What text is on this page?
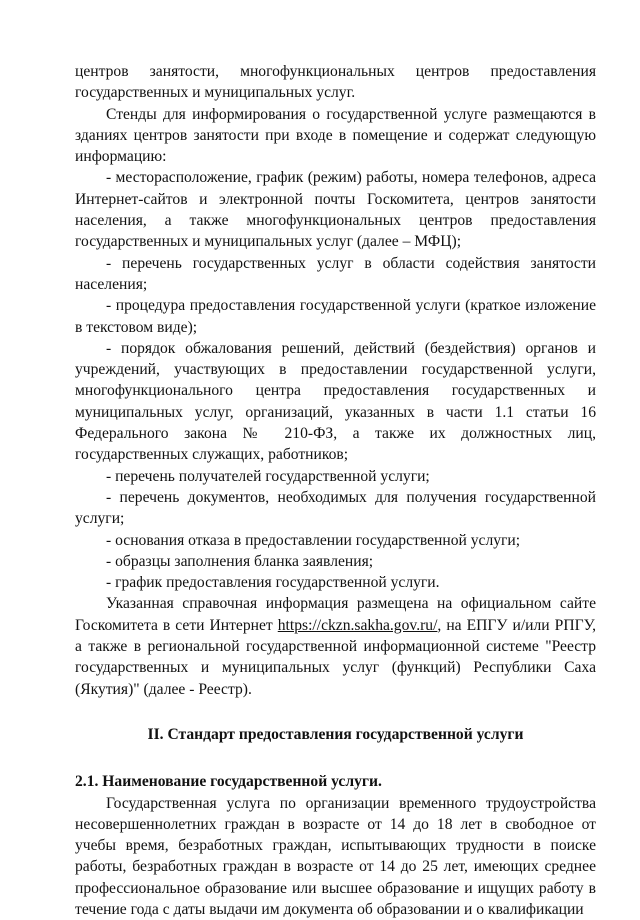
центров занятости, многофункциональных центров предоставления государственных и муниципальных услуг.

Стенды для информирования о государственной услуге размещаются в зданиях центров занятости при входе в помещение и содержат следующую информацию:

- месторасположение, график (режим) работы, номера телефонов, адреса Интернет-сайтов и электронной почты Госкомитета, центров занятости населения, а также многофункциональных центров предоставления государственных и муниципальных услуг (далее – МФЦ);

- перечень государственных услуг в области содействия занятости населения;

- процедура предоставления государственной услуги (краткое изложение в текстовом виде);

- порядок обжалования решений, действий (бездействия) органов и учреждений, участвующих в предоставлении государственной услуги, многофункционального центра предоставления государственных и муниципальных услуг, организаций, указанных в части 1.1 статьи 16 Федерального закона № 210-ФЗ, а также их должностных лиц, государственных служащих, работников;

- перечень получателей государственной услуги;

- перечень документов, необходимых для получения государственной услуги;

- основания отказа в предоставлении государственной услуги;

- образцы заполнения бланка заявления;

- график предоставления государственной услуги.

Указанная справочная информация размещена на официальном сайте Госкомитета в сети Интернет https://ckzn.sakha.gov.ru/, на ЕПГУ и/или РПГУ, а также в региональной государственной информационной системе "Реестр государственных и муниципальных услуг (функций) Республики Саха (Якутия)" (далее - Реестр).

II. Стандарт предоставления государственной услуги

2.1. Наименование государственной услуги.

Государственная услуга по организации временного трудоустройства несовершеннолетних граждан в возрасте от 14 до 18 лет в свободное от учебы время, безработных граждан, испытывающих трудности в поиске работы, безработных граждан в возрасте от 14 до 25 лет, имеющих среднее профессиональное образование или высшее образование и ищущих работу в течение года с даты выдачи им документа об образовании и о квалификации
